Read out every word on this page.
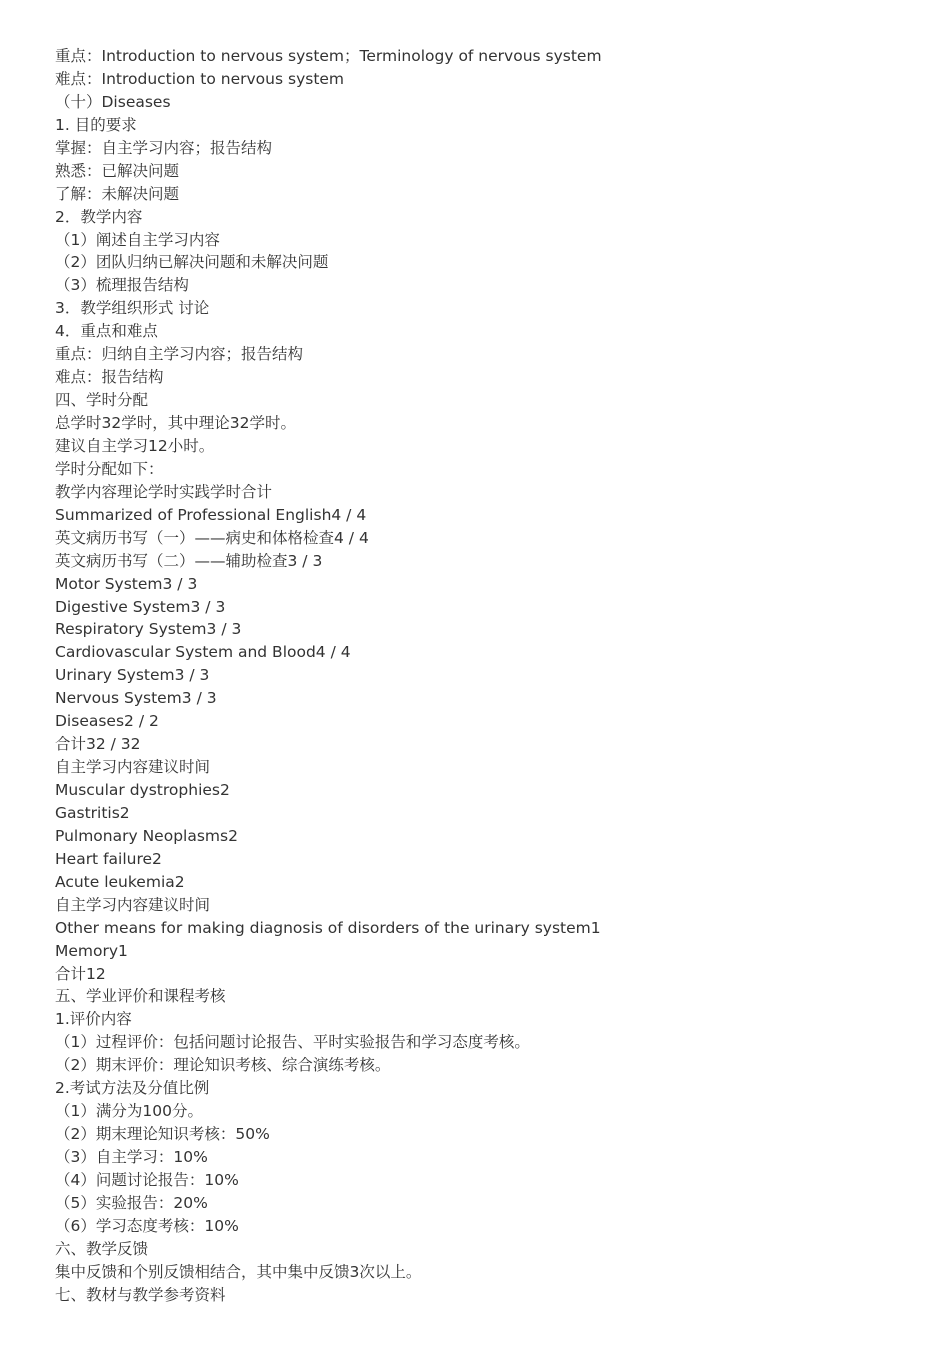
重点：Introduction to nervous system；Terminology of nervous system
难点：Introduction to nervous system
（十）Diseases
1. 目的要求
掌握：自主学习内容；报告结构
熟悉：已解决问题
了解：未解决问题
2．教学内容
（1）阐述自主学习内容
（2）团队归纳已解决问题和未解决问题
（3）梳理报告结构
3．教学组织形式 讨论
4．重点和难点
重点：归纳自主学习内容；报告结构
难点：报告结构
四、学时分配
总学时32学时，其中理论32学时。
建议自主学习12小时。
学时分配如下：
教学内容理论学时实践学时合计
Summarized of Professional English4 / 4
英文病历书写（一）——病史和体格检查4 / 4
英文病历书写（二）——辅助检查3 / 3
Motor System3 / 3
Digestive System3 / 3
Respiratory System3 / 3
Cardiovascular System and Blood4 / 4
Urinary System3 / 3
Nervous System3 / 3
Diseases2 / 2
合计32 / 32
自主学习内容建议时间
Muscular dystrophies2
Gastritis2
Pulmonary Neoplasms2
Heart failure2
Acute leukemia2
自主学习内容建议时间
Other means for making diagnosis of disorders of the urinary system1
Memory1
合计12
五、学业评价和课程考核
1.评价内容
（1）过程评价：包括问题讨论报告、平时实验报告和学习态度考核。
（2）期末评价：理论知识考核、综合演练考核。
2.考试方法及分值比例
（1）满分为100分。
（2）期末理论知识考核：50%
（3）自主学习：10%
（4）问题讨论报告：10%
（5）实验报告：20%
（6）学习态度考核：10%
六、教学反馈
集中反馈和个别反馈相结合，其中集中反馈3次以上。
七、教材与教学参考资料
